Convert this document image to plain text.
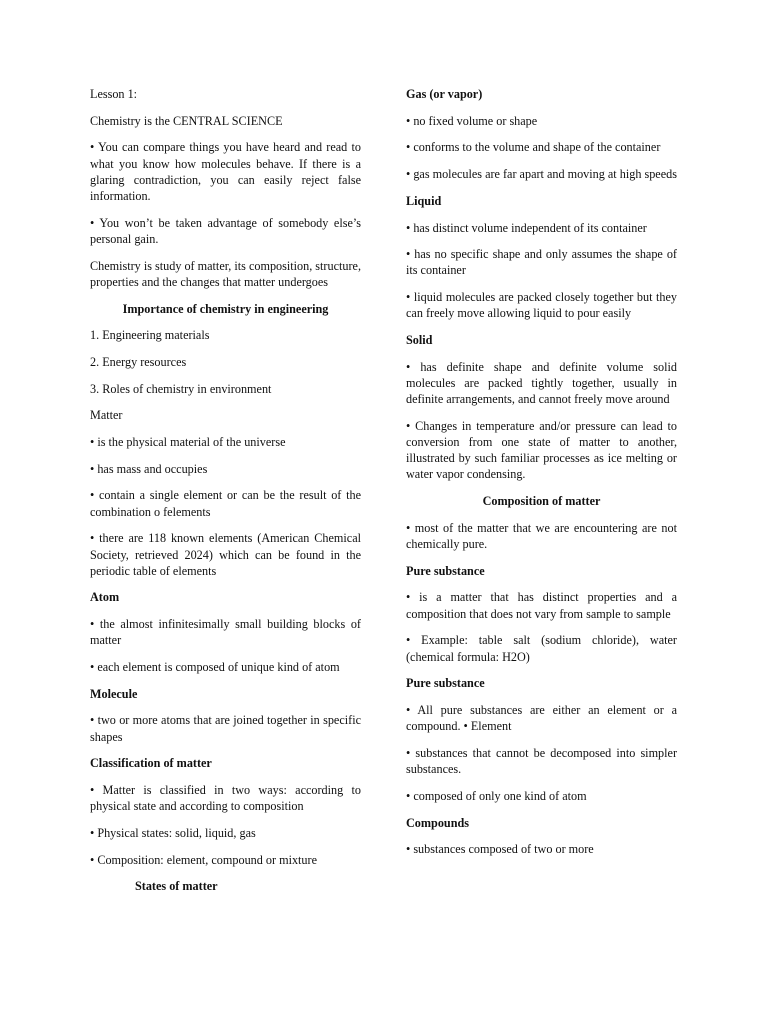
Lesson 1:

Chemistry is the CENTRAL SCIENCE

• You can compare things you have heard and read to what you know how molecules behave. If there is a glaring contradiction, you can easily reject false information.

• You won’t be taken advantage of somebody else’s personal gain.

Chemistry is study of matter, its composition, structure, properties and the changes that matter undergoes

Importance of chemistry in engineering

1. Engineering materials

2. Energy resources

3. Roles of chemistry in environment

Matter

• is the physical material of the universe

• has mass and occupies

• contain a single element or can be the result of the combination o felements

• there are 118 known elements (American Chemical Society, retrieved 2024) which can be found in the periodic table of elements

Atom

• the almost infinitesimally small building blocks of matter

• each element is composed of unique kind of atom

Molecule

• two or more atoms that are joined together in specific shapes

Classification of matter

• Matter is classified in two ways: according to physical state and according to composition

• Physical states: solid, liquid, gas

• Composition: element, compound or mixture

States of matter

Gas (or vapor)

• no fixed volume or shape

• conforms to the volume and shape of the container

• gas molecules are far apart and moving at high speeds

Liquid

• has distinct volume independent of its container

• has no specific shape and only assumes the shape of its container

• liquid molecules are packed closely together but they can freely move allowing liquid to pour easily

Solid

• has definite shape and definite volume solid molecules are packed tightly together, usually in definite arrangements, and cannot freely move around

• Changes in temperature and/or pressure can lead to conversion from one state of matter to another, illustrated by such familiar processes as ice melting or water vapor condensing.

Composition of matter

• most of the matter that we are encountering are not chemically pure.

Pure substance

• is a matter that has distinct properties and a composition that does not vary from sample to sample

• Example: table salt (sodium chloride), water (chemical formula: H2O)

Pure substance

• All pure substances are either an element or a compound. • Element

• substances that cannot be decomposed into simpler substances.

• composed of only one kind of atom

Compounds

• substances composed of two or more
